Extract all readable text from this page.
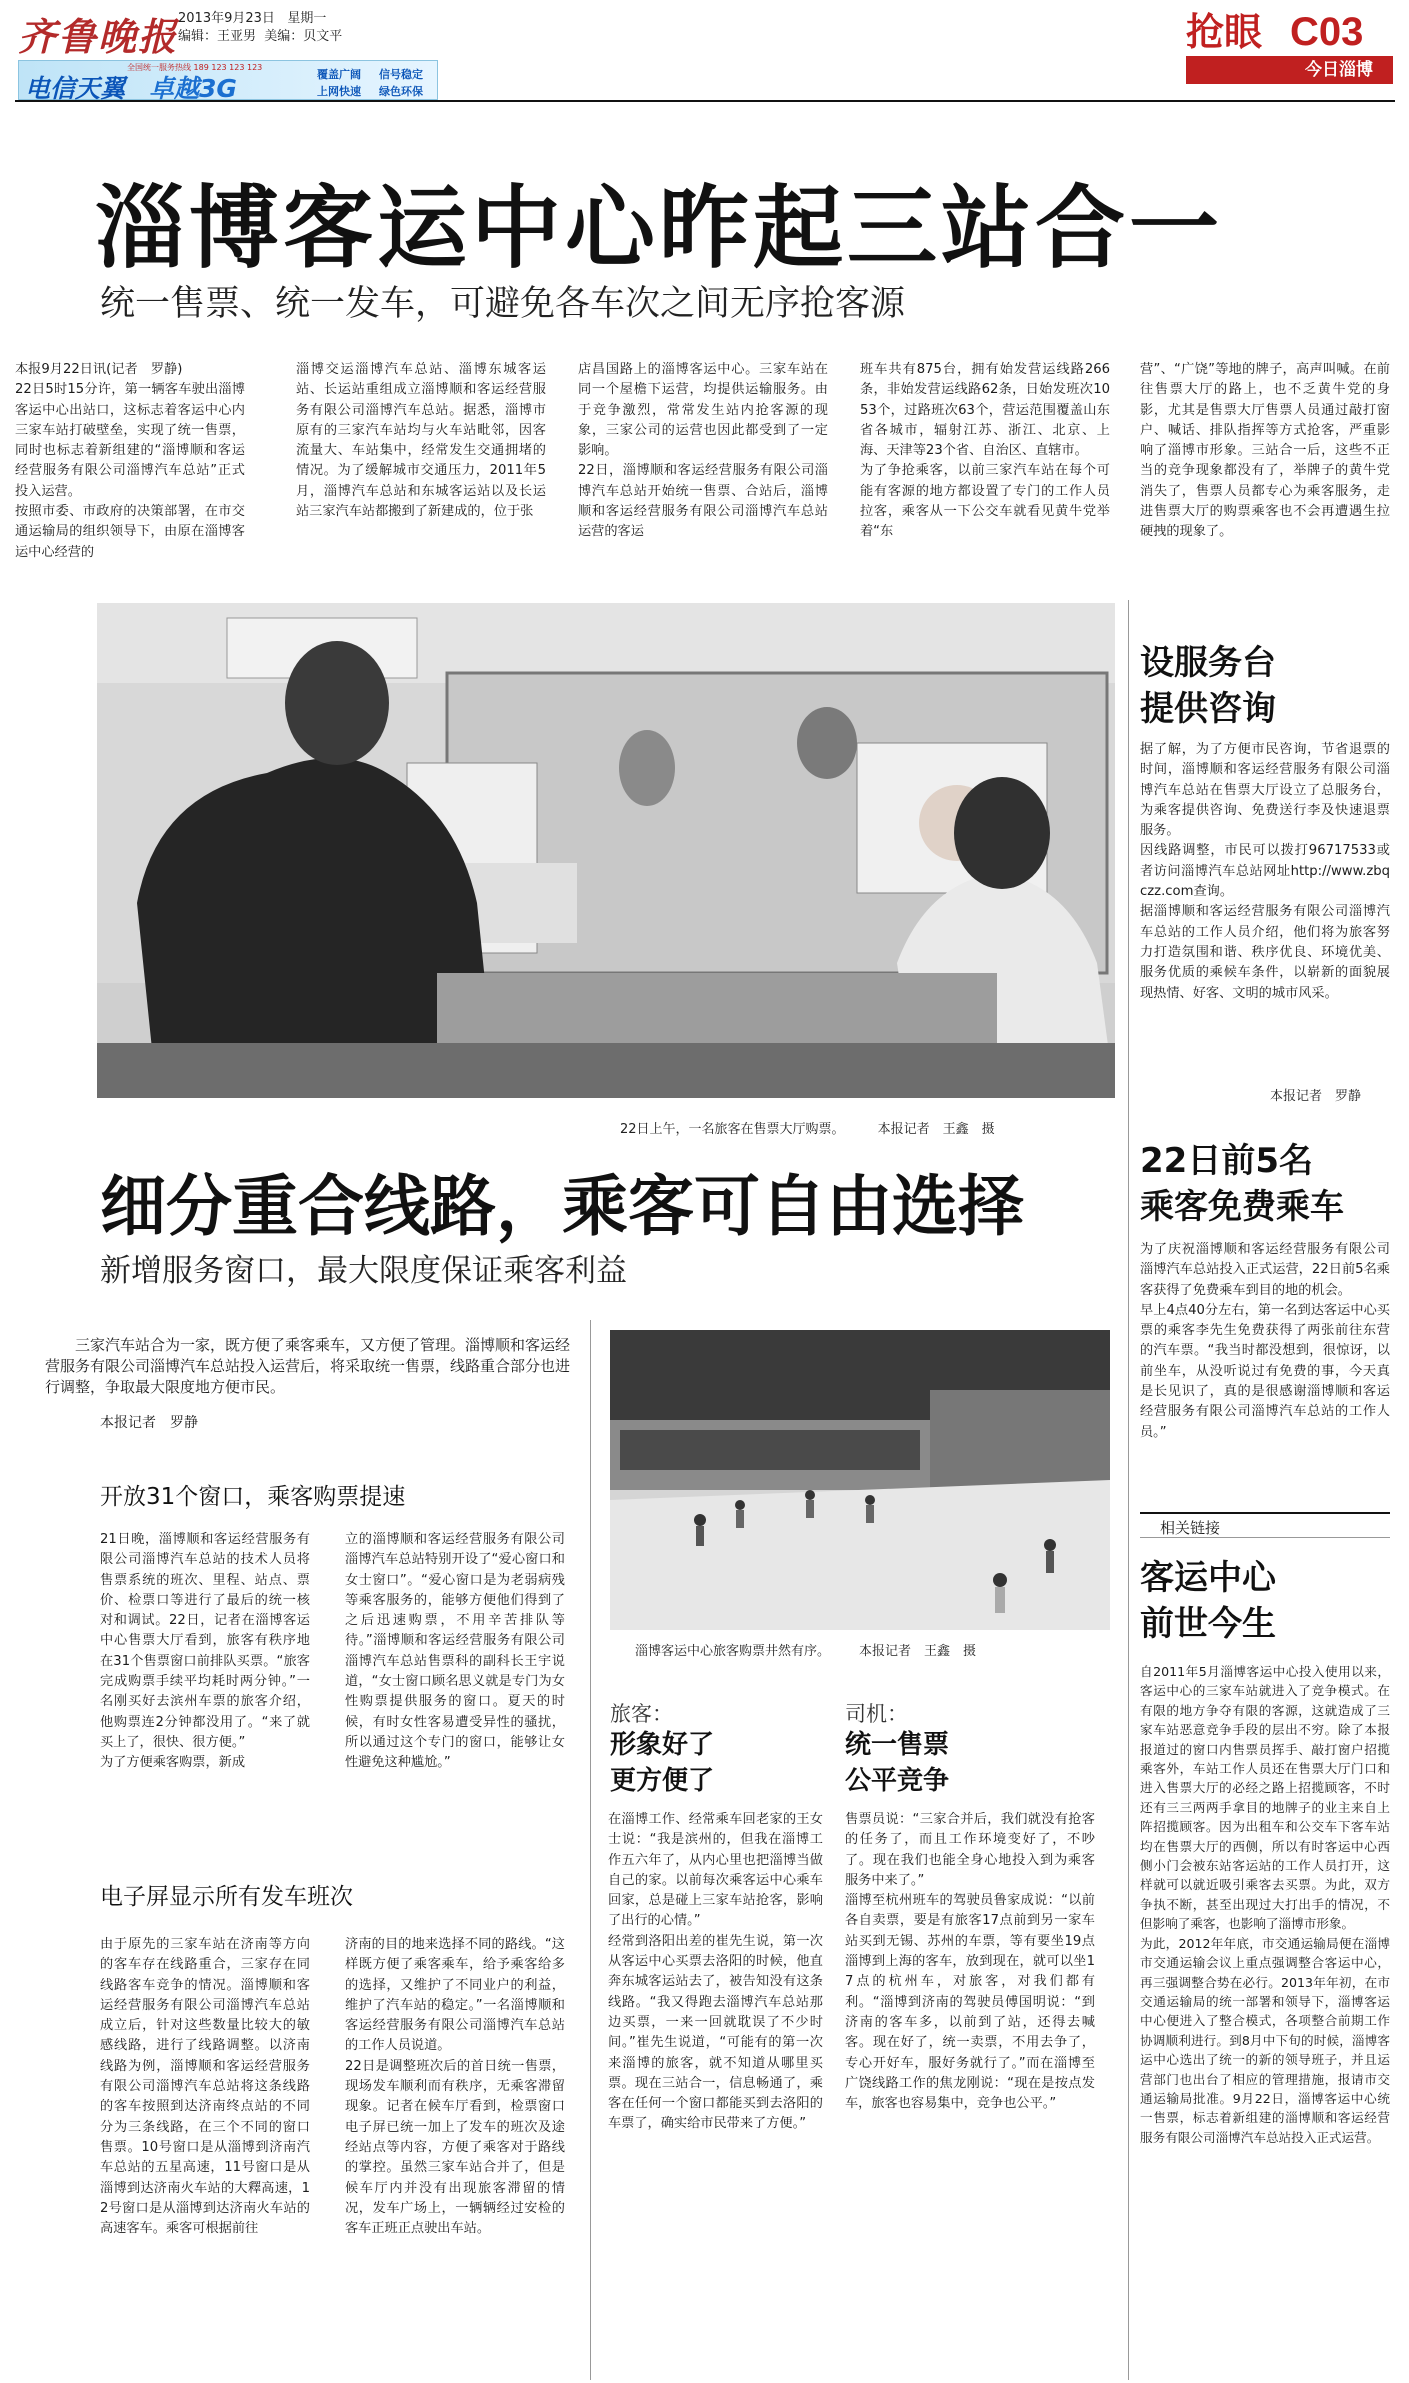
齐鲁晚报 2013年9月23日 星期一
编辑：王亚男 美编：贝文平	抢眼 C03
今日淄博
全国统一服务热线 189 123 123 123
电信天翼 卓越3G	覆盖广阔 信号稳定
上网快速 绿色环保
淄博客运中心昨起三站合一
统一售票、统一发车，可避免各车次之间无序抢客源
本报9月22日讯(记者　罗静)
22日5时15分许，第一辆客车驶出淄博客运中心出站口，这标志着客运中心内三家车站打破壁垒，实现了统一售票，同时也标志着新组建的“淄博顺和客运经营服务有限公司淄博汽车总站”正式投入运营。
按照市委、市政府的决策部署，在市交通运输局的组织领导下，由原在淄博客运中心经营的
淄博交运淄博汽车总站、淄博东城客运站、长运站重组成立淄博顺和客运经营服务有限公司淄博汽车总站。据悉，淄博市原有的三家汽车站均与火车站毗邻，因客流量大、车站集中，经常发生交通拥堵的情况。为了缓解城市交通压力，2011年5月，淄博汽车总站和东城客运站以及长运站三家汽车站都搬到了新建成的，位于张
店昌国路上的淄博客运中心。三家车站在同一个屋檐下运营，均提供运输服务。由于竞争激烈，常常发生站内抢客源的现象，三家公司的运营也因此都受到了一定影响。
22日，淄博顺和客运经营服务有限公司淄博汽车总站开始统一售票、合站后，淄博顺和客运经营服务有限公司淄博汽车总站运营的客运
班车共有875台，拥有始发营运线路266条，非始发营运线路62条，日始发班次1053个，过路班次63个，营运范围覆盖山东省各城市，辐射江苏、浙江、北京、上海、天津等23个省、自治区、直辖市。
为了争抢乘客，以前三家汽车站在每个可能有客源的地方都设置了专门的工作人员拉客，乘客从一下公交车就看见黄牛党举着“东
营”、“广饶”等地的牌子，高声叫喊。在前往售票大厅的路上，也不乏黄牛党的身影，尤其是售票大厅售票人员通过敲打窗户、喊话、排队指挥等方式抢客，严重影响了淄博市形象。三站合一后，这些不正当的竞争现象都没有了，举牌子的黄牛党消失了，售票人员都专心为乘客服务，走进售票大厅的购票乘客也不会再遭遇生拉硬拽的现象了。
22日上午，一名旅客在售票大厅购票。	本报记者　王鑫　摄
设服务台
提供咨询
据了解，为了方便市民咨询，节省退票的时间，淄博顺和客运经营服务有限公司淄博汽车总站在售票大厅设立了总服务台，为乘客提供咨询、免费送行李及快速退票服务。
因线路调整，市民可以拨打96717533或者访问淄博汽车总站网址http://www.zbqczz.com查询。
据淄博顺和客运经营服务有限公司淄博汽车总站的工作人员介绍，他们将为旅客努力打造氛围和谐、秩序优良、环境优美、服务优质的乘候车条件，以崭新的面貌展现热情、好客、文明的城市风采。
本报记者　罗静
22日前5名
乘客免费乘车
为了庆祝淄博顺和客运经营服务有限公司淄博汽车总站投入正式运营，22日前5名乘客获得了免费乘车到目的地的机会。
早上4点40分左右，第一名到达客运中心买票的乘客李先生免费获得了两张前往东营的汽车票。“我当时都没想到，很惊讶，以前坐车，从没听说过有免费的事，今天真是长见识了，真的是很感谢淄博顺和客运经营服务有限公司淄博汽车总站的工作人员。”
相关链接
客运中心
前世今生
自2011年5月淄博客运中心投入使用以来，客运中心的三家车站就进入了竞争模式。在有限的地方争夺有限的客源，这就造成了三家车站恶意竞争手段的层出不穷。除了本报报道过的窗口内售票员挥手、敲打窗户招揽乘客外，车站工作人员还在售票大厅门口和进入售票大厅的必经之路上招揽顾客，不时还有三三两两手拿目的地牌子的业主来自上阵招揽顾客。因为出租车和公交车下客车站均在售票大厅的西侧，所以有时客运中心西侧小门会被东站客运站的工作人员打开，这样就可以就近吸引乘客去买票。为此，双方争执不断，甚至出现过大打出手的情况，不但影响了乘客，也影响了淄博市形象。
为此，2012年年底，市交通运输局便在淄博市交通运输会议上重点强调整合客运中心，再三强调整合势在必行。2013年年初，在市交通运输局的统一部署和领导下，淄博客运中心便进入了整合模式，各项整合前期工作协调顺利进行。到8月中下旬的时候，淄博客运中心选出了统一的新的领导班子，并且运营部门也出台了相应的管理措施，报请市交通运输局批准。9月22日，淄博客运中心统一售票，标志着新组建的淄博顺和客运经营服务有限公司淄博汽车总站投入正式运营。
细分重合线路，乘客可自由选择
新增服务窗口，最大限度保证乘客利益

三家汽车站合为一家，既方便了乘客乘车，又方便了管理。淄博顺和客运经营服务有限公司淄博汽车总站投入运营后，将采取统一售票，线路重合部分也进行调整，争取最大限度地方便市民。

本报记者　罗静
开放31个窗口，乘客购票提速
21日晚，淄博顺和客运经营服务有限公司淄博汽车总站的技术人员将售票系统的班次、里程、站点、票价、检票口等进行了最后的统一核对和调试。22日，记者在淄博客运中心售票大厅看到，旅客有秩序地在31个售票窗口前排队买票。“旅客完成购票手续平均耗时两分钟。”一名刚买好去滨州车票的旅客介绍，他购票连2分钟都没用了。“来了就买上了，很快、很方便。”
为了方便乘客购票，新成
立的淄博顺和客运经营服务有限公司淄博汽车总站特别开设了“爱心窗口和女士窗口”。“爱心窗口是为老弱病残等乘客服务的，能够方便他们得到了之后迅速购票，不用辛苦排队等待。”淄博顺和客运经营服务有限公司淄博汽车总站售票科的副科长王宇说道，“女士窗口顾名思义就是专门为女性购票提供服务的窗口。夏天的时候，有时女性客易遭受异性的骚扰，所以通过这个专门的窗口，能够让女性避免这种尴尬。”
电子屏显示所有发车班次
由于原先的三家车站在济南等方向的客车存在线路重合，三家存在同线路客车竞争的情况。淄博顺和客运经营服务有限公司淄博汽车总站成立后，针对这些数量比较大的敏感线路，进行了线路调整。以济南线路为例，淄博顺和客运经营服务有限公司淄博汽车总站将这条线路的客车按照到达济南终点站的不同分为三条线路，在三个不同的窗口售票。10号窗口是从淄博到济南汽车总站的五星高速，11号窗口是从淄博到达济南火车站的大釋高速，12号窗口是从淄博到达济南火车站的高速客车。乘客可根据前往
济南的目的地来选择不同的路线。“这样既方便了乘客乘车，给予乘客给多的选择，又维护了不同业户的利益，维护了汽车站的稳定。”一名淄博顺和客运经营服务有限公司淄博汽车总站的工作人员说道。
22日是调整班次后的首日统一售票，现场发车顺利而有秩序，无乘客滞留现象。记者在候车厅看到，检票窗口电子屏已统一加上了发车的班次及途经站点等内容，方便了乘客对于路线的掌控。虽然三家车站合并了，但是候车厅内并没有出现旅客滞留的情况，发车广场上，一辆辆经过安检的客车正班正点驶出车站。
淄博客运中心旅客购票井然有序。 本报记者　王鑫　摄
旅客：
形象好了
更方便了
在淄博工作、经常乘车回老家的王女士说：“我是滨州的，但我在淄博工作五六年了，从内心里也把淄博当做自己的家。以前每次乘客运中心乘车回家，总是碰上三家车站抢客，影响了出行的心情。”
经常到洛阳出差的崔先生说，第一次从客运中心买票去洛阳的时候，他直奔东城客运站去了，被告知没有这条线路。“我又得跑去淄博汽车总站那边买票，一来一回就耽误了不少时间。”崔先生说道，“可能有的第一次来淄博的旅客，就不知道从哪里买票。现在三站合一，信息畅通了，乘客在任何一个窗口都能买到去洛阳的车票了，确实给市民带来了方便。”
司机：
统一售票
公平竞争
售票员说：“三家合并后，我们就没有抢客的任务了，而且工作环境变好了，不吵了。现在我们也能全身心地投入到为乘客服务中来了。”
淄博至杭州班车的驾驶员鲁家成说：“以前各自卖票，要是有旅客17点前到另一家车站买到无锡、苏州的车票，等有要坐19点淄博到上海的客车，放到现在，就可以坐17点的杭州车，对旅客，对我们都有利。“淄博到济南的驾驶员傅国明说：“到济南的客车多，以前到了站，还得去喊客。现在好了，统一卖票，不用去争了，专心开好车，服好务就行了。”而在淄博至广饶线路工作的焦龙刚说：“现在是按点发车，旅客也容易集中，竞争也公平。”
